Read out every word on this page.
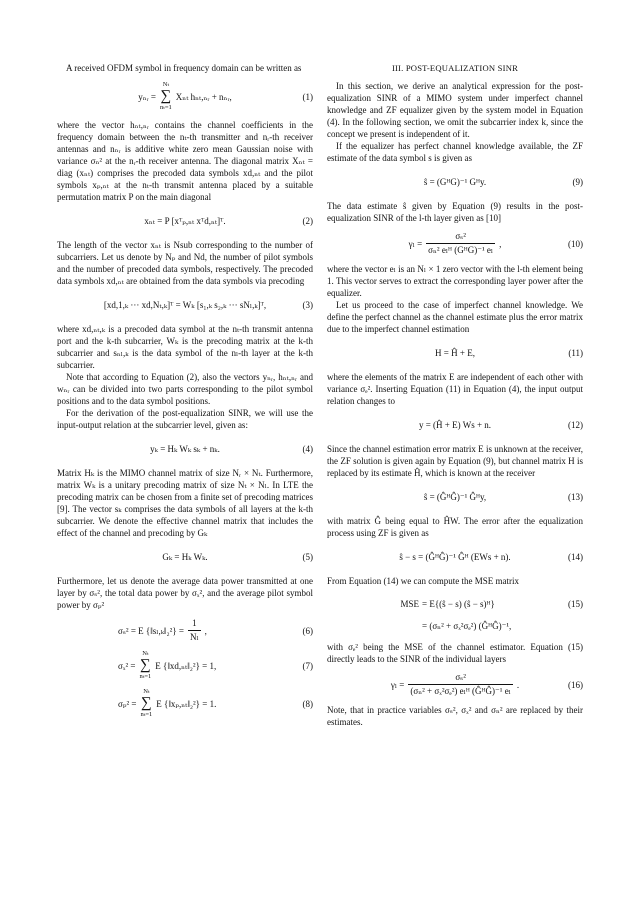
A received OFDM symbol in frequency domain can be written as

yₙᵣ =
Nₜ
∑
nₜ=1
Xₙₜ hₙₜ,ₙᵣ + nₙᵣ,	(1)

where the vector hₙₜ,ₙᵣ contains the channel coefficients in the frequency domain between the nₜ-th transmitter and nᵣ-th receiver antennas and nₙᵣ is additive white zero mean Gaussian noise with variance σₙ² at the nᵣ-th receiver antenna. The diagonal matrix Xₙₜ = diag (xₙₜ) comprises the precoded data symbols xd,ₙₜ and the pilot symbols xₚ,ₙₜ at the nₜ-th transmit antenna placed by a suitable permutation matrix P on the main diagonal

xₙₜ = P [xᵀₚ,ₙₜ xᵀd,ₙₜ]ᵀ.	(2)

The length of the vector xₙₜ is Nsub corresponding to the number of subcarriers. Let us denote by Nₚ and Nd, the number of pilot symbols and the number of precoded data symbols, respectively. The precoded data symbols xd,ₙₜ are obtained from the data symbols via precoding

[xd,1,ₖ ··· xd,Nₜ,ₖ]ᵀ = Wₖ [s₁,ₖ s₂,ₖ ··· sNₗ,ₖ]ᵀ,	(3)

where xd,ₙₜ,ₖ is a precoded data symbol at the nₜ-th transmit antenna port and the k-th subcarrier, Wₖ is the precoding matrix at the k-th subcarrier and sₙₗ,ₖ is the data symbol of the nₗ-th layer at the k-th subcarrier.

Note that according to Equation (2), also the vectors yₙᵣ, hₙₜ,ₙᵣ and wₙᵣ can be divided into two parts corresponding to the pilot symbol positions and to the data symbol positions.

For the derivation of the post-equalization SINR, we will use the input-output relation at the subcarrier level, given as:

yₖ = Hₖ Wₖ sₖ + nₖ.	(4)

Matrix Hₖ is the MIMO channel matrix of size Nᵣ × Nₜ. Furthermore, matrix Wₖ is a unitary precoding matrix of size Nₜ × Nₗ. In LTE the precoding matrix can be chosen from a finite set of precoding matrices [9]. The vector sₖ comprises the data symbols of all layers at the k-th subcarrier. We denote the effective channel matrix that includes the effect of the channel and precoding by Gₖ

Gₖ = Hₖ Wₖ.	(5)

Furthermore, let us denote the average data power transmitted at one layer by σₛ², the total data power by σₓ², and the average pilot symbol power by σₚ²

σₛ² = E {‖sₗ,ₖ‖₂²} = $\frac{1}{\text{Nₗ}}$ ,	(6)
σₓ² =
Nₜ
∑
nₜ=1
E {‖xd,ₙₜ‖₂²} = 1,	(7)
σₚ² =
Nₜ
∑
nₜ=1
E {‖xₚ,ₙₜ‖₂²} = 1.	(8)
III. POST-EQUALIZATION SINR

In this section, we derive an analytical expression for the post-equalization SINR of a MIMO system under imperfect channel knowledge and ZF equalizer given by the system model in Equation (4). In the following section, we omit the subcarrier index k, since the concept we present is independent of it.

If the equalizer has perfect channel knowledge available, the ZF estimate of the data symbol s is given as

ŝ = (GᴴG)⁻¹ Gᴴy.	(9)

The data estimate ŝ given by Equation (9) results in the post-equalization SINR of the l-th layer given as [10]

$\gamma_l = \frac{\text{σₛ²}}{\text{σₙ² eₗᴴ (GᴴG)⁻¹ eₗ}}$ ,	(10)

where the vector eₗ is an Nₗ × 1 zero vector with the l-th element being 1. This vector serves to extract the corresponding layer power after the equalizer.

Let us proceed to the case of imperfect channel knowledge. We define the perfect channel as the channel estimate plus the error matrix due to the imperfect channel estimation

H = Ĥ + E,	(11)

where the elements of the matrix E are independent of each other with variance σₑ². Inserting Equation (11) in Equation (4), the input output relation changes to

y = (Ĥ + E) Ws + n.	(12)

Since the channel estimation error matrix E is unknown at the receiver, the ZF solution is given again by Equation (9), but channel matrix H is replaced by its estimate Ĥ, which is known at the receiver

ŝ = (ĜᴴĜ)⁻¹ Ĝᴴy,	(13)

with matrix Ĝ being equal to ĤW. The error after the equalization process using ZF is given as

ŝ − s = (ĜᴴĜ)⁻¹ Ĝᴴ (EWs + n).	(14)

From Equation (14) we can compute the MSE matrix

MSE = E{(ŝ − s) (ŝ − s)ᴴ}
= (σₙ² + σₓ²σₑ²) (ĜᴴĜ)⁻¹,
(15)

with σₑ² being the MSE of the channel estimator. Equation (15) directly leads to the SINR of the individual layers

$\gamma_l = \frac{\text{σₛ²}}{\text{(σₙ² + σₓ²σₑ²) eₗᴴ (ĜᴴĜ)⁻¹ eₗ}}$ .	(16)

Note, that in practice variables σₛ², σₓ² and σₙ² are replaced by their estimates.
